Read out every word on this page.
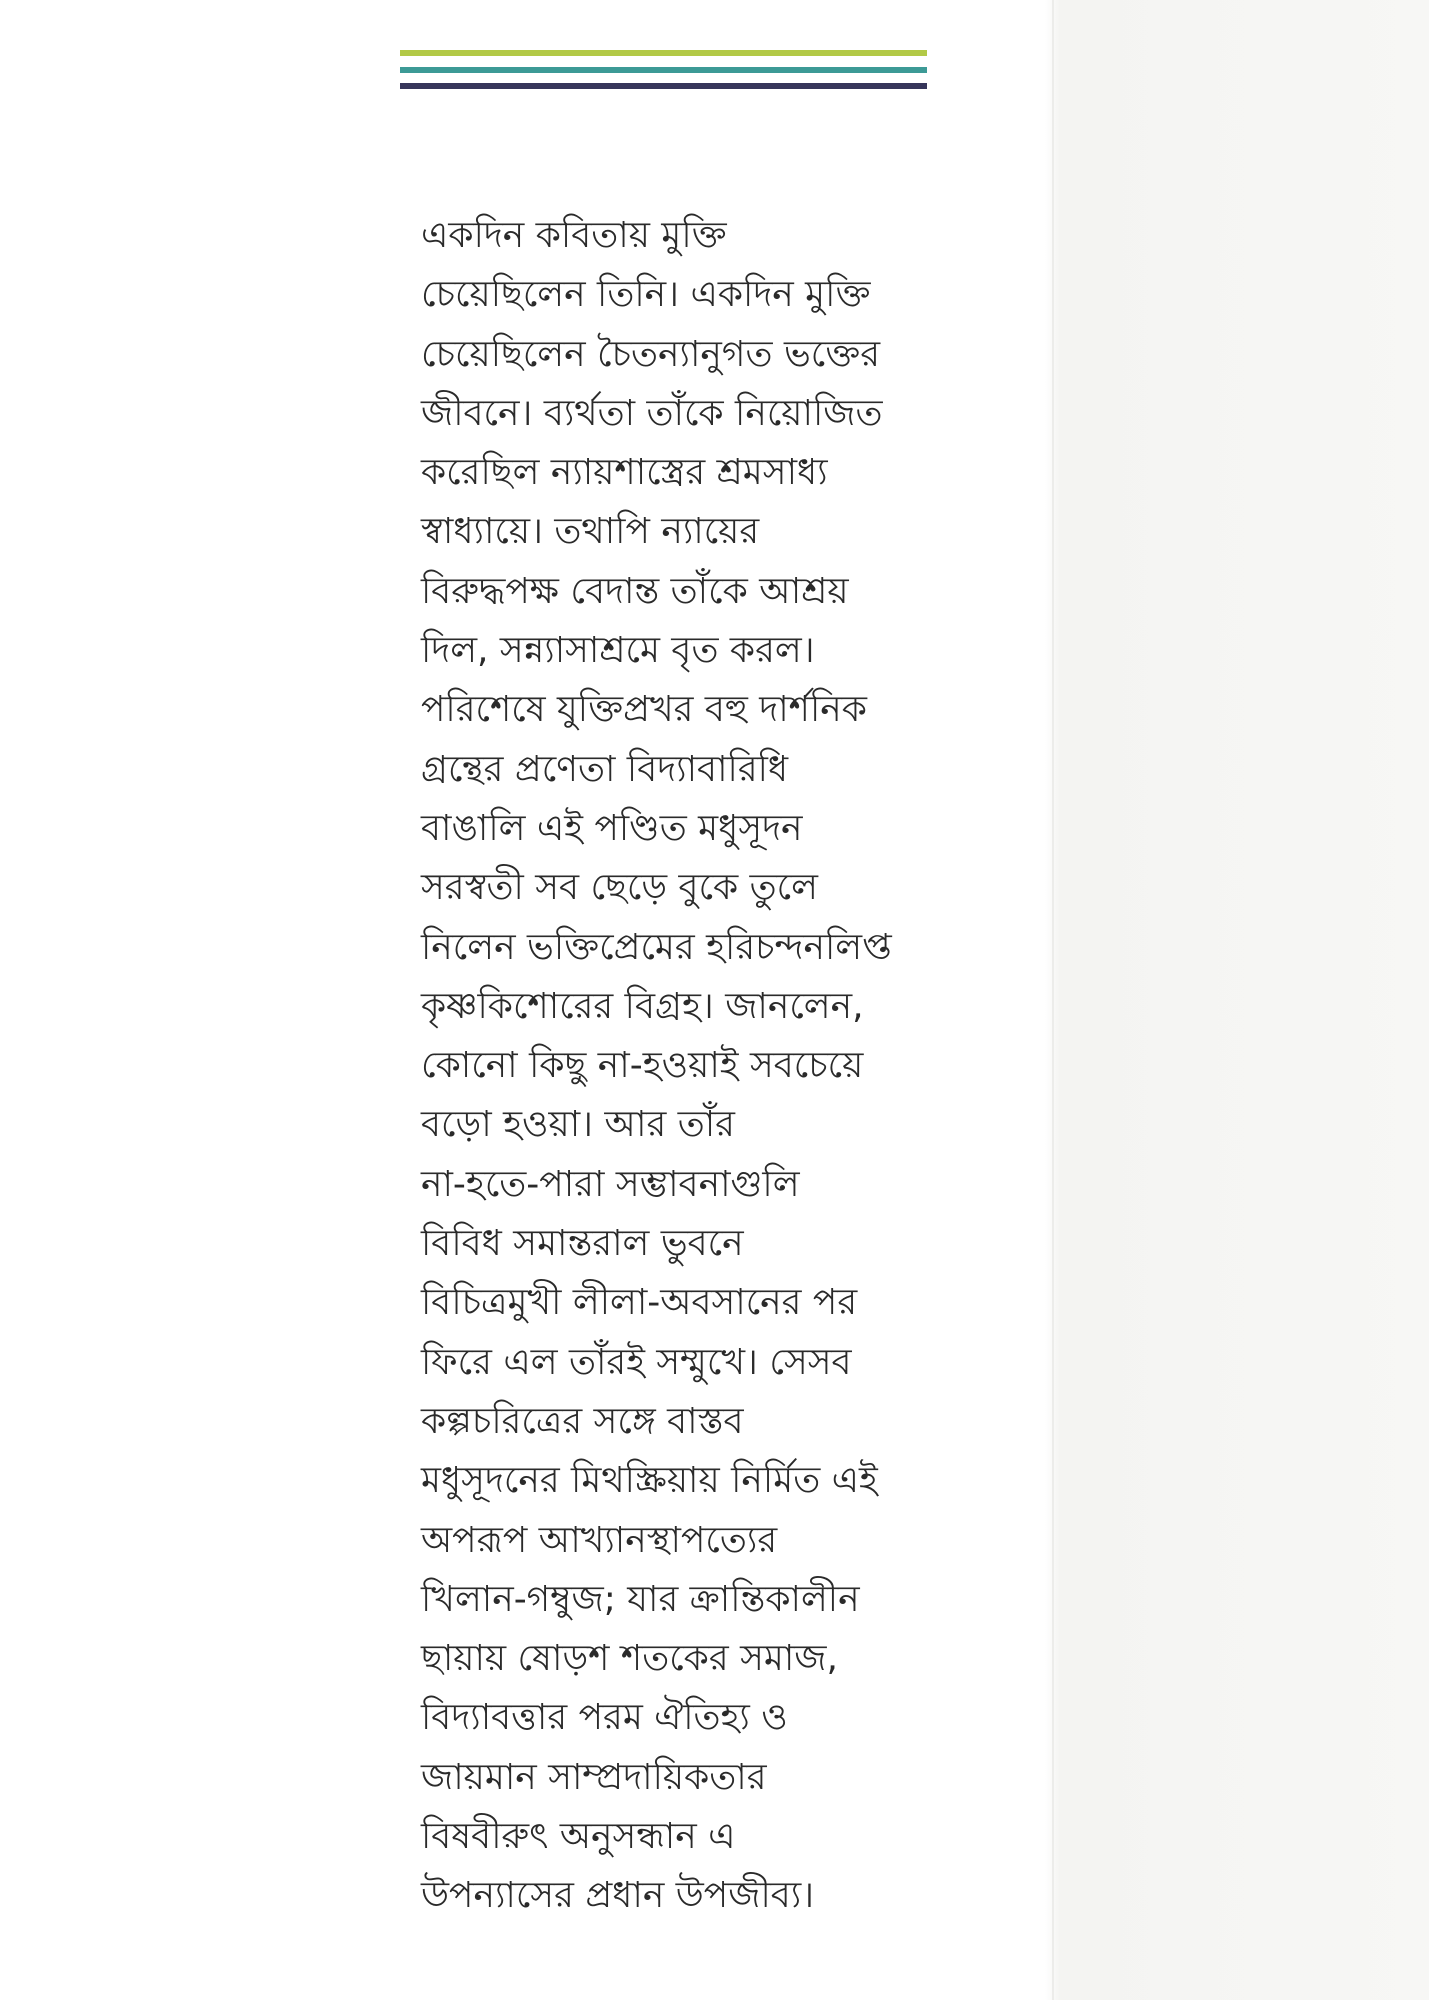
একদিন কবিতায় মুক্তি
চেয়েছিলেন তিনি। একদিন মুক্তি
চেয়েছিলেন চৈতন্যানুগত ভক্তের
জীবনে। ব্যর্থতা তাঁকে নিয়োজিত
করেছিল ন্যায়শাস্ত্রের শ্রমসাধ্য
স্বাধ্যায়ে। তথাপি ন্যায়ের
বিরুদ্ধপক্ষ বেদান্ত তাঁকে আশ্রয়
দিল, সন্ন্যাসাশ্রমে বৃত করল।
পরিশেষে যুক্তিপ্রখর বহু দার্শনিক
গ্রন্থের প্রণেতা বিদ্যাবারিধি
বাঙালি এই পণ্ডিত মধুসূদন
সরস্বতী সব ছেড়ে বুকে তুলে
নিলেন ভক্তিপ্রেমের হরিচন্দনলিপ্ত
কৃষ্ণকিশোরের বিগ্রহ। জানলেন,
কোনো কিছু না-হওয়াই সবচেয়ে
বড়ো হওয়া। আর তাঁর
না-হতে-পারা সম্ভাবনাগুলি
বিবিধ সমান্তরাল ভুবনে
বিচিত্রমুখী লীলা-অবসানের পর
ফিরে এল তাঁরই সম্মুখে। সেসব
কল্পচরিত্রের সঙ্গে বাস্তব
মধুসূদনের মিথস্ক্রিয়ায় নির্মিত এই
অপরূপ আখ্যানস্থাপত্যের
খিলান-গম্বুজ; যার ক্রান্তিকালীন
ছায়ায় ষোড়শ শতকের সমাজ,
বিদ্যাবত্তার পরম ঐতিহ্য ও
জায়মান সাম্প্রদায়িকতার
বিষবীরুৎ অনুসন্ধান এ
উপন্যাসের প্রধান উপজীব্য।
